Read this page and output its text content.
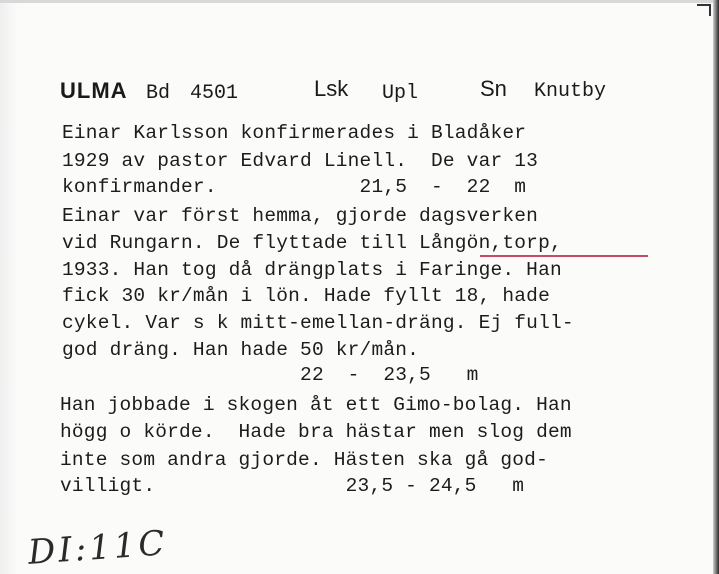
ULMA Bd 4501	Lsk Upl	Sn Knutby
Einar Karlsson konfirmerades i Bladåker
1929 av pastor Edvard Linell.  De var 13
konfirmander.            21,5  -  22  m
Einar var först hemma, gjorde dagsverken
vid Rungarn. De flyttade till Långön,torp,
1933. Han tog då drängplats i Faringe. Han
fick 30 kr/mån i lön. Hade fyllt 18, hade
cykel. Var s k mitt-emellan-dräng. Ej full-
god dräng. Han hade 50 kr/mån.
22  -  23,5   m
Han jobbade i skogen åt ett Gimo-bolag. Han
högg o körde.  Hade bra hästar men slog dem
inte som andra gjorde. Hästen ska gå god-
villigt.                23,5 - 24,5   m
DI:11C
